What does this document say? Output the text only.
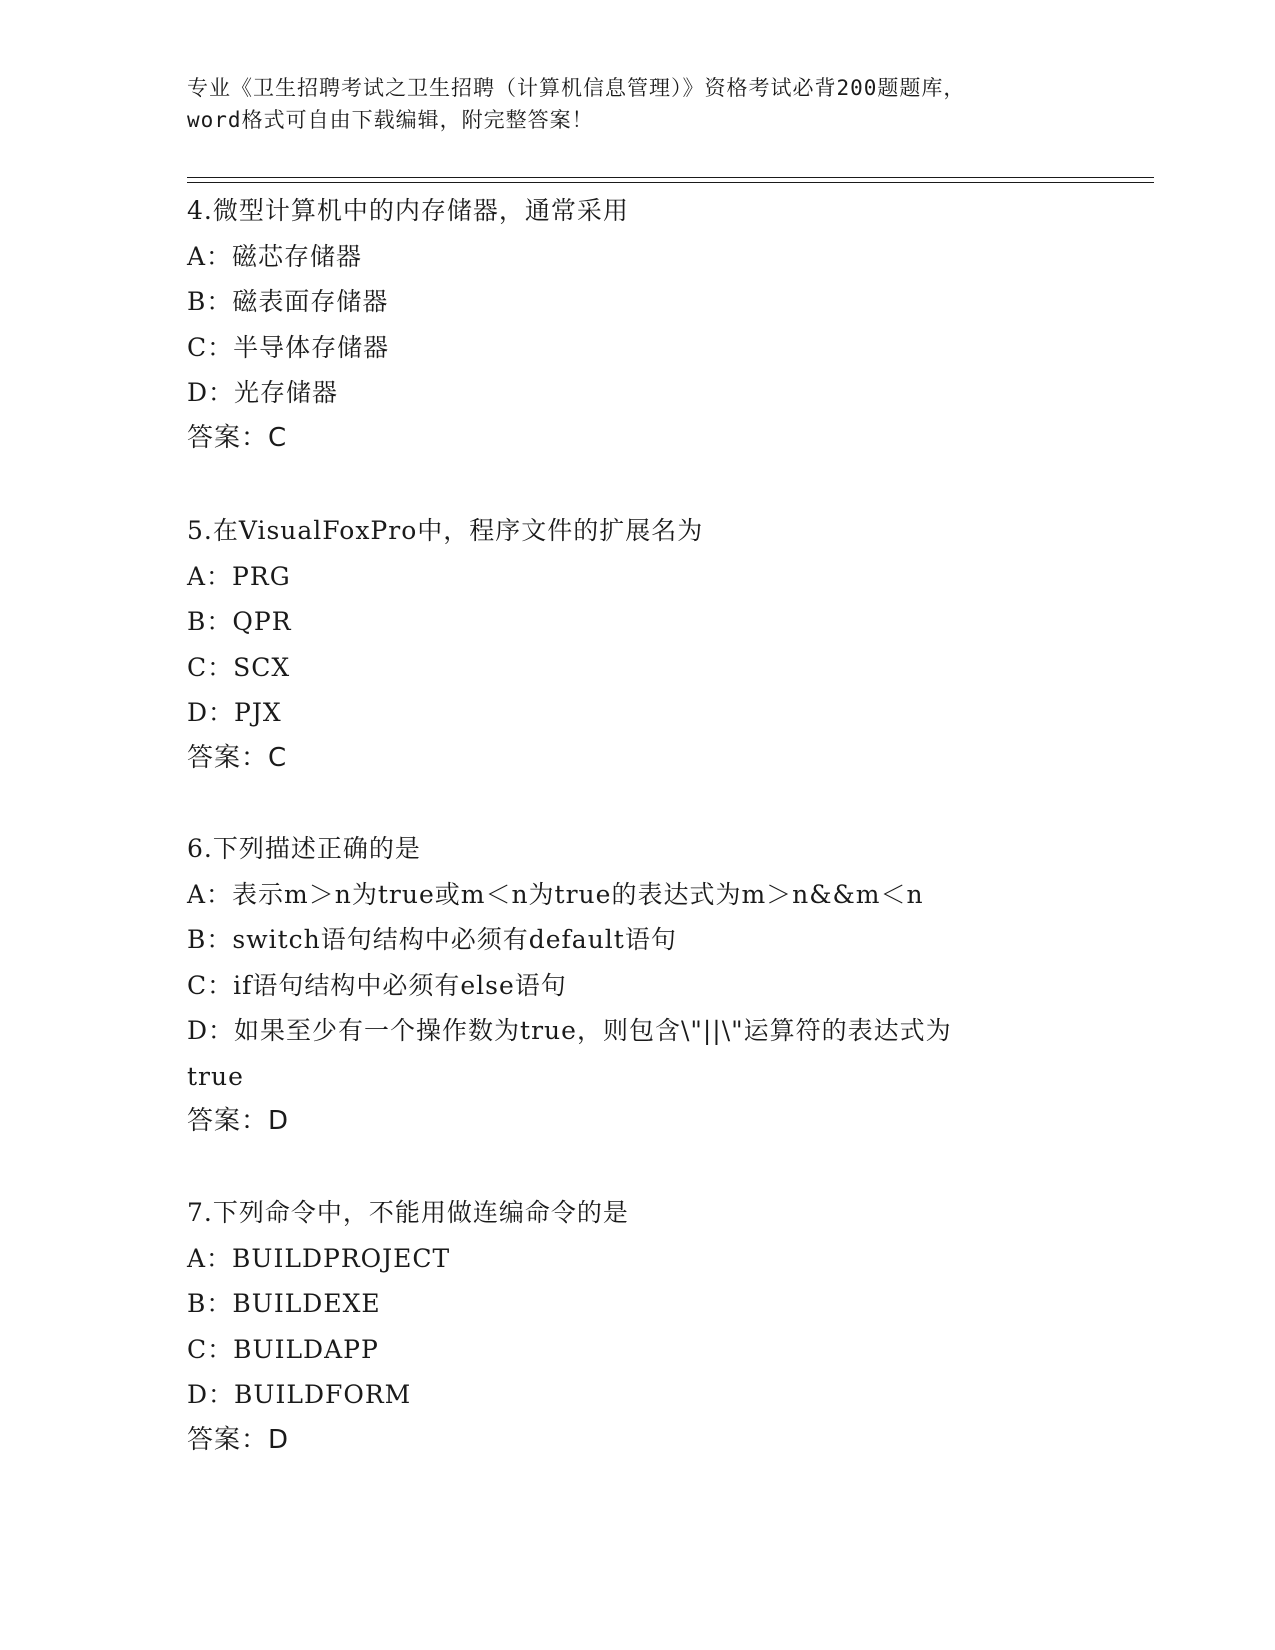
专业《卫生招聘考试之卫生招聘（计算机信息管理）》资格考试必背200题题库，
word格式可自由下载编辑，附完整答案！
4.微型计算机中的内存储器，通常采用
A：磁芯存储器
B：磁表面存储器
C：半导体存储器
D：光存储器
答案：C
5.在VisualFoxPro中，程序文件的扩展名为
A：PRG
B：QPR
C：SCX
D：PJX
答案：C
6.下列描述正确的是
A：表示m＞n为true或m＜n为true的表达式为m＞n&&m＜n
B：switch语句结构中必须有default语句
C：if语句结构中必须有else语句
D：如果至少有一个操作数为true，则包含\"||\"运算符的表达式为
true
答案：D
7.下列命令中，不能用做连编命令的是
A：BUILDPROJECT
B：BUILDEXE
C：BUILDAPP
D：BUILDFORM
答案：D
